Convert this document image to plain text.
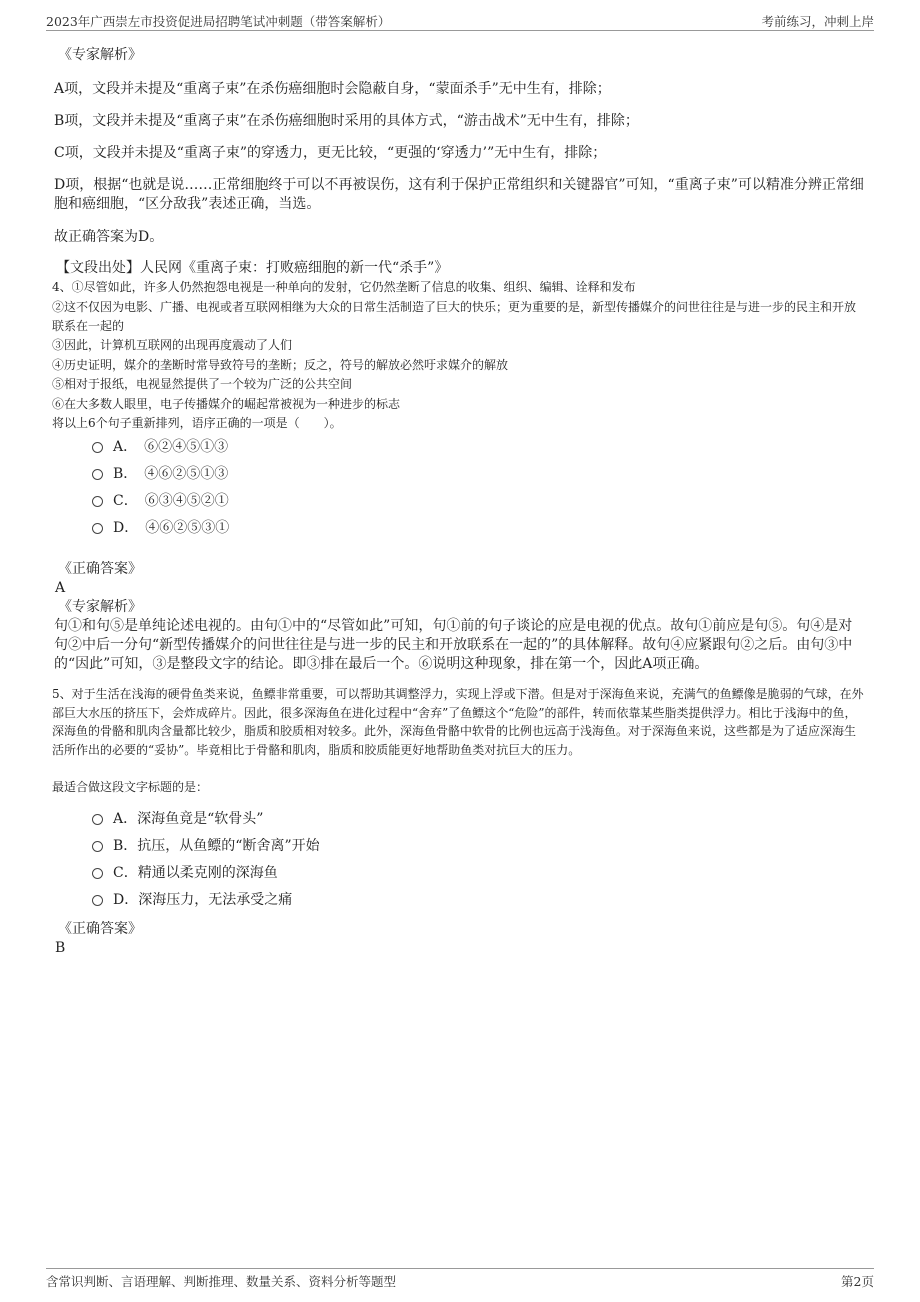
2023年广西崇左市投资促进局招聘笔试冲刺题（带答案解析）	考前练习，冲刺上岸

《专家解析》

A项，文段并未提及“重离子束”在杀伤癌细胞时会隐蔽自身，“蒙面杀手”无中生有，排除；

B项，文段并未提及“重离子束”在杀伤癌细胞时采用的具体方式，“游击战术”无中生有，排除；

C项，文段并未提及“重离子束”的穿透力，更无比较，“更强的‘穿透力’”无中生有，排除；

D项，根据“也就是说……正常细胞终于可以不再被误伤，这有利于保护正常组织和关键器官”可知，“重离子束”可以精准分辨正常细胞和癌细胞，“区分敌我”表述正确，当选。

故正确答案为D。

【文段出处】人民网《重离子束：打败癌细胞的新一代“杀手”》

4、①尽管如此，许多人仍然抱怨电视是一种单向的发射，它仍然垄断了信息的收集、组织、编辑、诠释和发布

②这不仅因为电影、广播、电视或者互联网相继为大众的日常生活制造了巨大的快乐；更为重要的是，新型传播媒介的问世往往是与进一步的民主和开放联系在一起的

③因此，计算机互联网的出现再度震动了人们

④历史证明，媒介的垄断时常导致符号的垄断；反之，符号的解放必然吁求媒介的解放

⑤相对于报纸，电视显然提供了一个较为广泛的公共空间

⑥在大多数人眼里，电子传播媒介的崛起常被视为一种进步的标志

将以上6个句子重新排列，语序正确的一项是（　　）。

A．　⑥②④⑤①③
B．　④⑥②⑤①③
C．　⑥③④⑤②①
D．　④⑥②⑤③①

《正确答案》

A

《专家解析》

句①和句⑤是单纯论述电视的。由句①中的“尽管如此”可知，句①前的句子谈论的应是电视的优点。故句①前应是句⑤。句④是对句②中后一分句“新型传播媒介的问世往往是与进一步的民主和开放联系在一起的”的具体解释。故句④应紧跟句②之后。由句③中的“因此”可知，③是整段文字的结论。即③排在最后一个。⑥说明这种现象，排在第一个，因此A项正确。

5、对于生活在浅海的硬骨鱼类来说，鱼鳔非常重要，可以帮助其调整浮力，实现上浮或下潜。但是对于深海鱼来说，充满气的鱼鳔像是脆弱的气球，在外部巨大水压的挤压下，会炸成碎片。因此，很多深海鱼在进化过程中“舍弃”了鱼鳔这个“危险”的部件，转而依靠某些脂类提供浮力。相比于浅海中的鱼，深海鱼的骨骼和肌肉含量都比较少，脂质和胶质相对较多。此外，深海鱼骨骼中软骨的比例也远高于浅海鱼。对于深海鱼来说，这些都是为了适应深海生活所作出的必要的“妥协”。毕竟相比于骨骼和肌肉，脂质和胶质能更好地帮助鱼类对抗巨大的压力。

最适合做这段文字标题的是：

A．深海鱼竟是“软骨头”
B．抗压，从鱼鳔的“断舍离”开始
C．精通以柔克刚的深海鱼
D．深海压力，无法承受之痛

《正确答案》

B

含常识判断、言语理解、判断推理、数量关系、资料分析等题型	第2页
